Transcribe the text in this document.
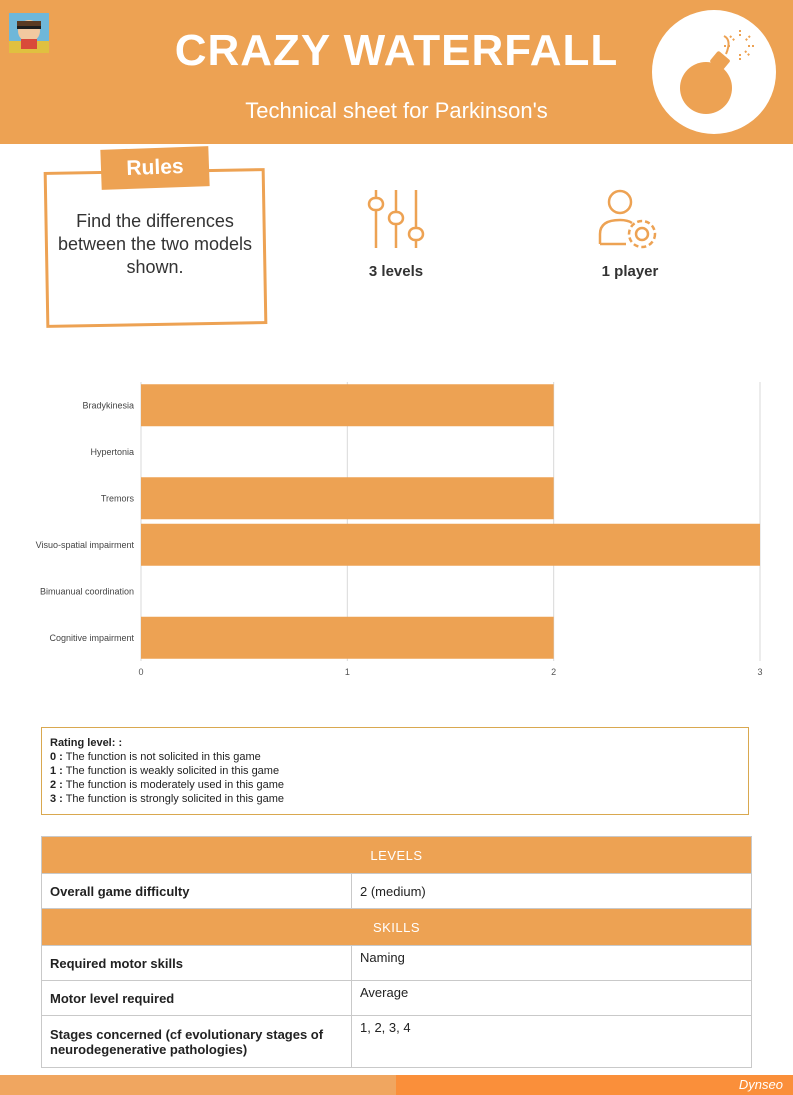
CRAZY WATERFALL
Technical sheet for Parkinson's
Rules
Find the differences between the two models shown.	3 levels	1 player
0	1	2	3
Bradykinesia
Hypertonia
Tremors
Visuo-spatial impairment
Bimuanual coordination
Cognitive impairment
Rating level: :
0 : The function is not solicited in this game
1 : The function is weakly solicited in this game
2 : The function is moderately used in this game
3 : The function is strongly solicited in this game
LEVELS	
Overall game difficulty	2 (medium)
SKILLS	
Required motor skills	Naming
Motor level required	Average
Stages concerned (cf evolutionary stages of neurodegenerative pathologies)	1, 2, 3, 4
Dynseo
